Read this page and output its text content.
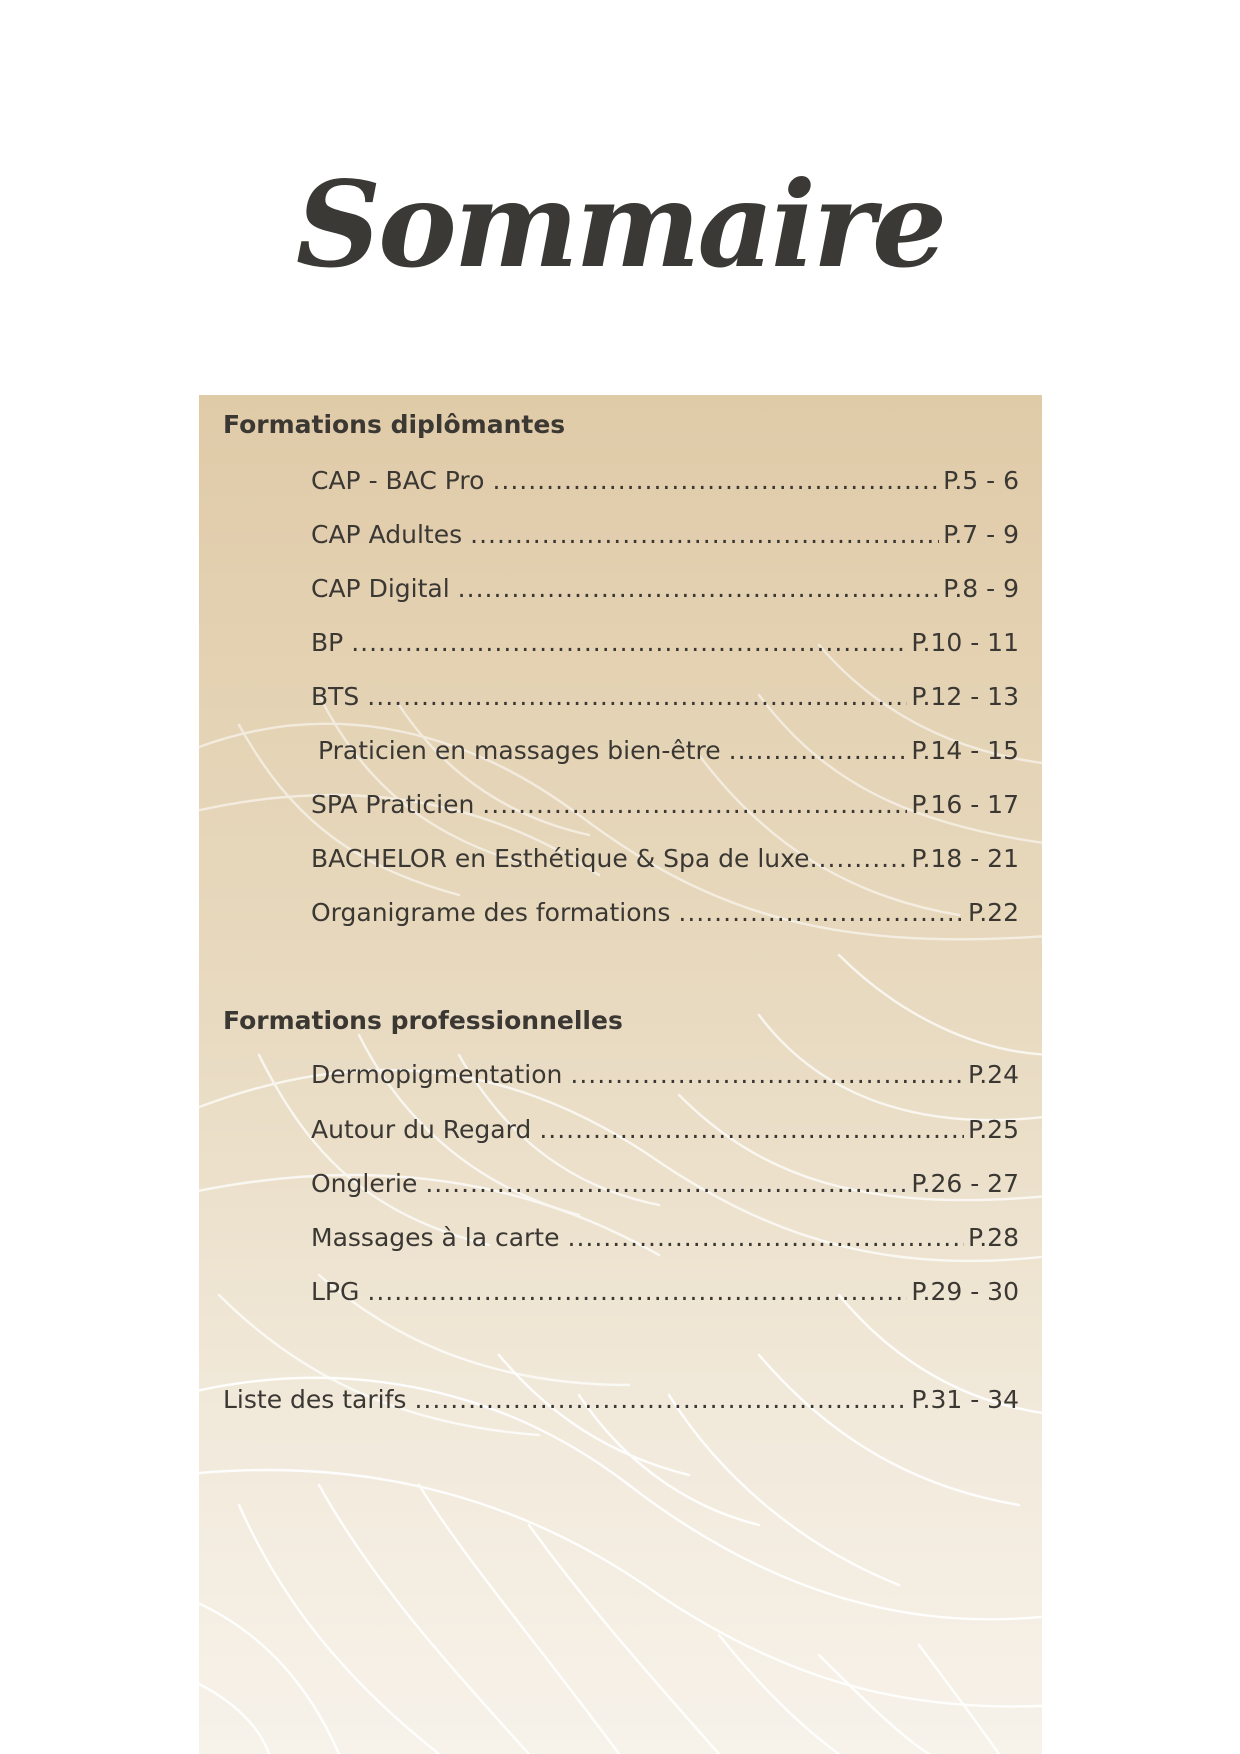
Sommaire
Formations diplômantes
CAP - BAC Pro .....	P.5 - 6
CAP Adultes .....	P.7 - 9
CAP Digital .....	P.8 - 9
BP .....	P.10 - 11
BTS .....	P.12 - 13
Praticien en massages bien-être .....	P.14 - 15
SPA Praticien .....	P.16 - 17
BACHELOR en Esthétique & Spa de luxe .....	P.18 - 21
Organigrame des formations .....	P.22
Formations professionnelles
Dermopigmentation .....	P.24
Autour du Regard .....	P.25
Onglerie .....	P.26 - 27
Massages à la carte .....	P.28
LPG .....	P.29 - 30
Liste des tarifs .....	P.31 - 34
